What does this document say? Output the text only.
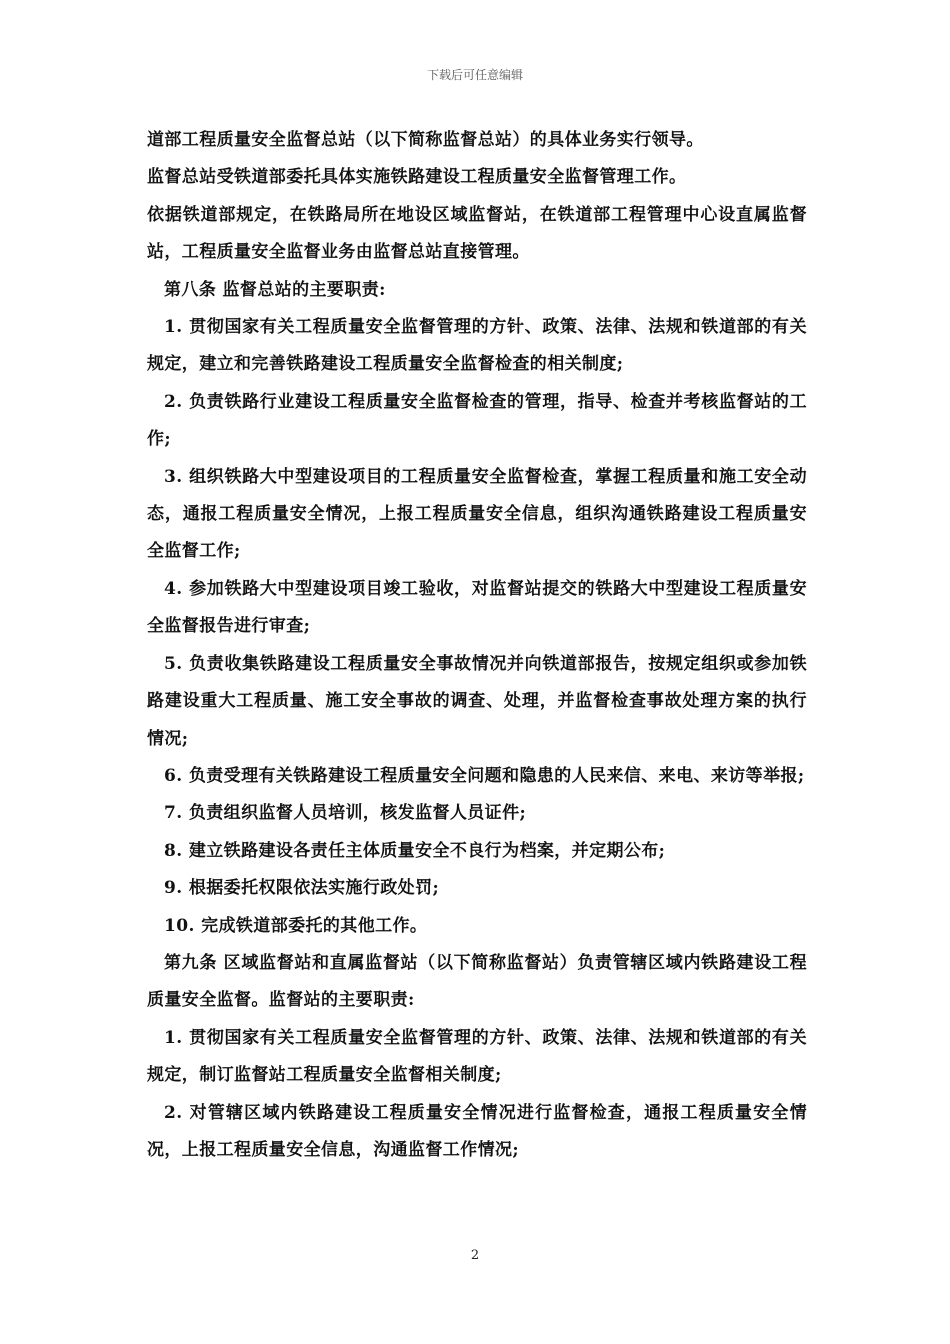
下载后可任意编辑

道部工程质量安全监督总站（以下简称监督总站）的具体业务实行领导。

监督总站受铁道部委托具体实施铁路建设工程质量安全监督管理工作。

依据铁道部规定，在铁路局所在地设区域监督站，在铁道部工程管理中心设直属监督站，工程质量安全监督业务由监督总站直接管理。

第八条 监督总站的主要职责:

1. 贯彻国家有关工程质量安全监督管理的方针、政策、法律、法规和铁道部的有关规定，建立和完善铁路建设工程质量安全监督检查的相关制度;

2. 负责铁路行业建设工程质量安全监督检查的管理，指导、检查并考核监督站的工作;

3. 组织铁路大中型建设项目的工程质量安全监督检查，掌握工程质量和施工安全动态，通报工程质量安全情况，上报工程质量安全信息，组织沟通铁路建设工程质量安全监督工作;

4. 参加铁路大中型建设项目竣工验收，对监督站提交的铁路大中型建设工程质量安全监督报告进行审查;

5. 负责收集铁路建设工程质量安全事故情况并向铁道部报告，按规定组织或参加铁路建设重大工程质量、施工安全事故的调查、处理，并监督检查事故处理方案的执行情况;

6. 负责受理有关铁路建设工程质量安全问题和隐患的人民来信、来电、来访等举报;

7. 负责组织监督人员培训，核发监督人员证件;

8. 建立铁路建设各责任主体质量安全不良行为档案，并定期公布;

9. 根据委托权限依法实施行政处罚;

10. 完成铁道部委托的其他工作。

第九条 区域监督站和直属监督站（以下简称监督站）负责管辖区域内铁路建设工程质量安全监督。监督站的主要职责:

1. 贯彻国家有关工程质量安全监督管理的方针、政策、法律、法规和铁道部的有关规定，制订监督站工程质量安全监督相关制度;

2. 对管辖区域内铁路建设工程质量安全情况进行监督检查，通报工程质量安全情况，上报工程质量安全信息，沟通监督工作情况;

2
